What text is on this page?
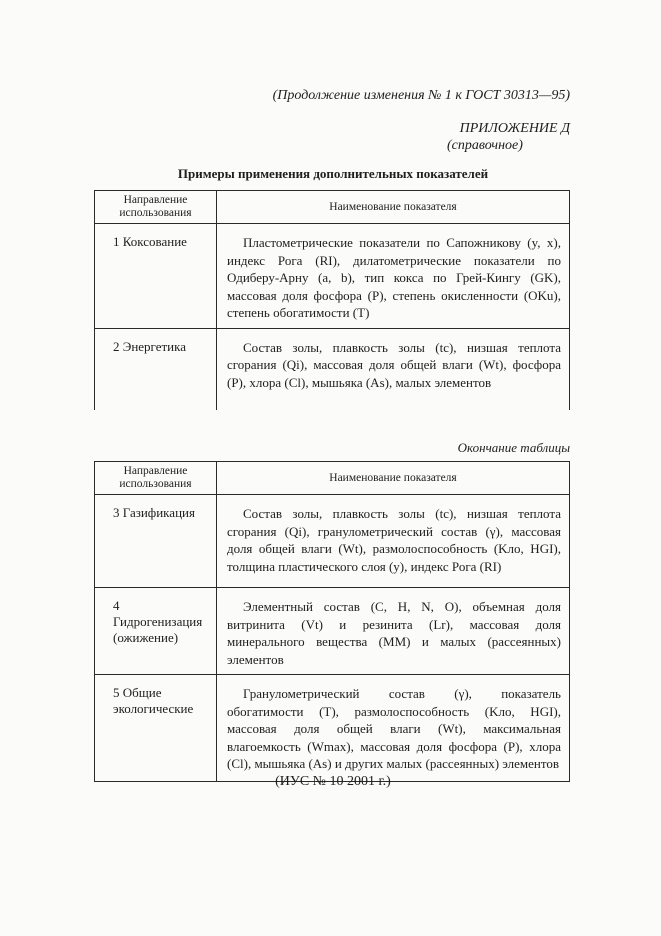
(Продолжение изменения № 1 к ГОСТ 30313—95)
ПРИЛОЖЕНИЕ Д
(справочное)
Примеры применения дополнительных показателей
Направление использования	Наименование показателя
1 Коксование	Пластометрические показатели по Сапожникову (y, x), индекс Рога (RI), дилатометрические показатели по Одиберу-Арну (a, b), тип кокса по Грей-Кингу (GK), массовая доля фосфора (P), степень окисленности (OKu), степень обогатимости (T)

2 Энергетика	Состав золы, плавкость золы (tc), низшая теплота сгорания (Qi), массовая доля общей влаги (Wt), фосфора (P), хлора (Cl), мышьяка (As), малых элементов

Окончание таблицы
Направление использования	Наименование показателя
3 Газификация	Состав золы, плавкость золы (tc), низшая теплота сгорания (Qi), гранулометрический состав (γ), массовая доля общей влаги (Wt), размолоспособность (Kло, HGI), толщина пластического слоя (y), индекс Рога (RI)

4 Гидрогенизация (ожижение)	Элементный состав (C, H, N, O), объемная доля витринита (Vt) и резинита (Lr), массовая доля минерального вещества (MM) и малых (рассеянных) элементов

5 Общие экологические	Гранулометрический состав (γ), показатель обогатимости (T), размолоспособность (Kло, HGI), массовая доля общей влаги (Wt), максимальная влагоемкость (Wmax), массовая доля фосфора (P), хлора (Cl), мышьяка (As) и других малых (рассеянных) элементов

(ИУС № 10 2001 г.)
